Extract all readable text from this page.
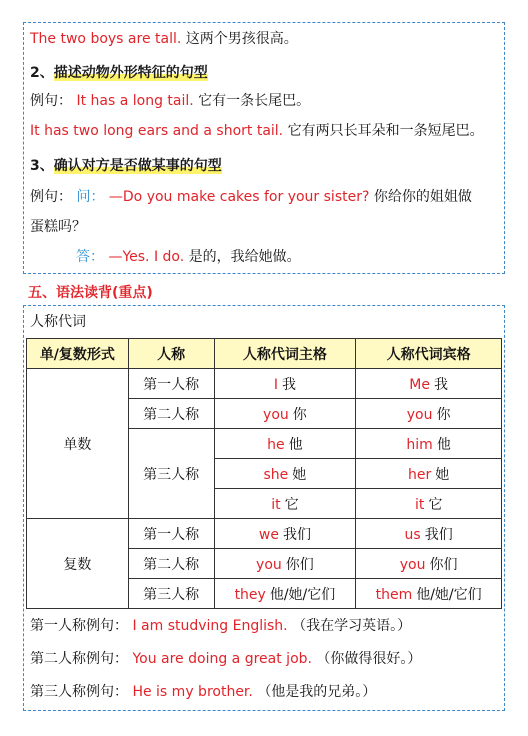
The two boys are tall. 这两个男孩很高。
2、描述动物外形特征的句型
例句： It has a long tail. 它有一条长尾巴。
It has two long ears and a short tail. 它有两只长耳朵和一条短尾巴。
3、确认对方是否做某事的句型
例句： 问： —Do you make cakes for your sister? 你给你的姐姐做
蛋糕吗？
答： —Yes. I do. 是的，我给她做。
五、语法读背(重点)
人称代词
单/复数形式	人称	人称代词主格	人称代词宾格
单数	第一人称	I 我	Me 我
	第二人称	you 你	you 你
	第三人称	he 他	him 他
		she 她	her 她
		it 它	it 它
复数	第一人称	we 我们	us 我们
	第二人称	you 你们	you 你们
	第三人称	they 他/她/它们	them 他/她/它们
第一人称例句： I am studving English. （我在学习英语。）
第二人称例句： You are doing a great job. （你做得很好。）
第三人称例句： He is my brother. （他是我的兄弟。）
